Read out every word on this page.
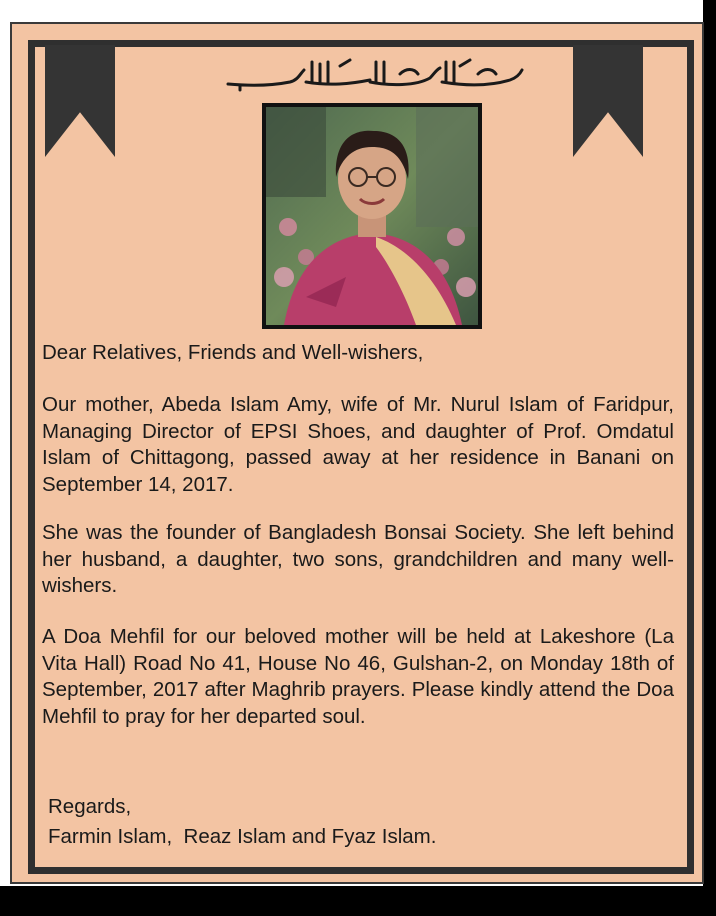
Dear Relatives, Friends and Well-wishers,

Our mother, Abeda Islam Amy, wife of Mr. Nurul Islam of Faridpur, Managing Director of EPSI Shoes, and daughter of Prof. Omdatul Islam of Chittagong, passed away at her residence in Banani on September 14, 2017.

She was the founder of Bangladesh Bonsai Society. She left behind her husband, a daughter, two sons, grandchildren and many well-wishers.

A Doa Mehfil for our beloved mother will be held at Lakeshore (La Vita Hall) Road No 41, House No 46, Gulshan-2, on Monday 18th of September, 2017 after Maghrib prayers. Please kindly attend the Doa Mehfil to pray for her departed soul.

Regards,
Farmin Islam,  Reaz Islam and Fyaz Islam.
